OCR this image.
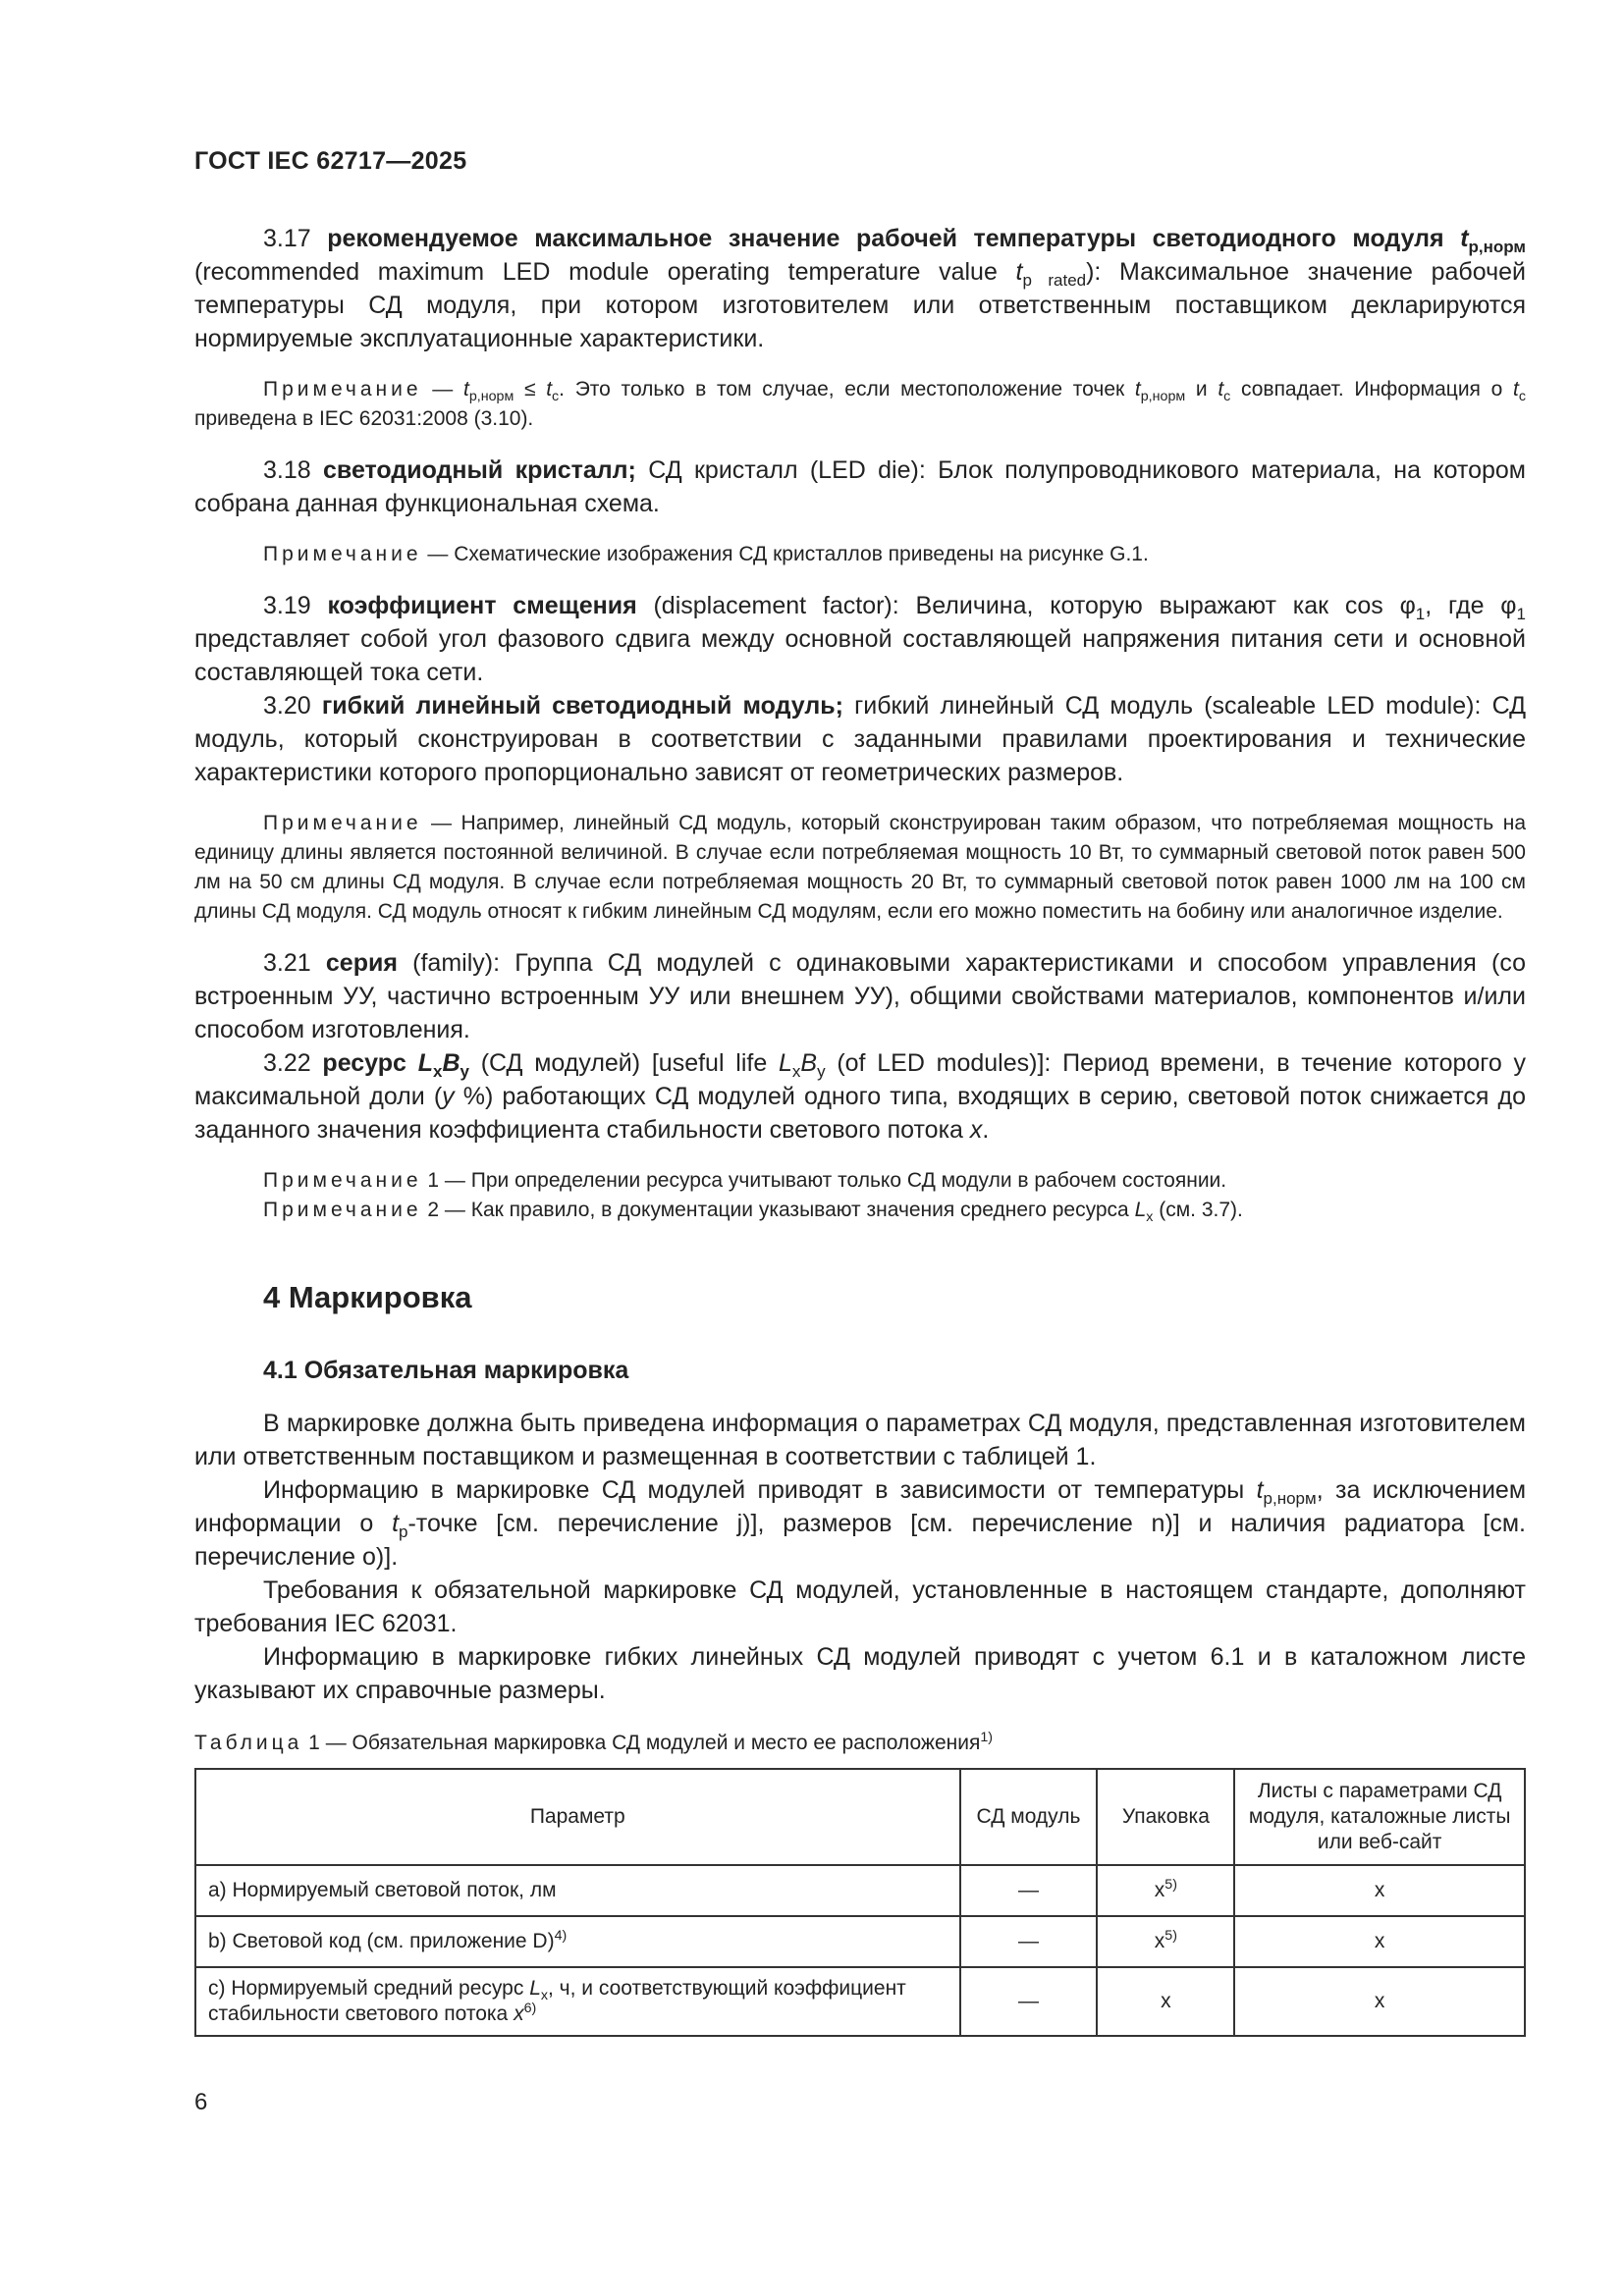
ГОСТ IEC 62717—2025

3.17 рекомендуемое максимальное значение рабочей температуры светодиодного модуля $t_{р,норм}$ (recommended maximum LED module operating temperature value $t_{p rated}$): Максимальное значение рабочей температуры СД модуля, при котором изготовителем или ответственным поставщиком декларируются нормируемые эксплуатационные характеристики.

Примечание — $t_{р,норм} \le t_c$. Это только в том случае, если местоположение точек $t_{р,норм}$ и $t_c$ совпадает. Информация о $t_c$ приведена в IEC 62031:2008 (3.10).

3.18 светодиодный кристалл; СД кристалл (LED die): Блок полупроводникового материала, на котором собрана данная функциональная схема.

Примечание — Схематические изображения СД кристаллов приведены на рисунке G.1.

3.19 коэффициент смещения (displacement factor): Величина, которую выражают как $\cos \varphi_1$, где $\varphi_1$ представляет собой угол фазового сдвига между основной составляющей напряжения питания сети и основной составляющей тока сети.

3.20 гибкий линейный светодиодный модуль; гибкий линейный СД модуль (scaleable LED module): СД модуль, который сконструирован в соответствии с заданными правилами проектирования и технические характеристики которого пропорционально зависят от геометрических размеров.

Примечание — Например, линейный СД модуль, который сконструирован таким образом, что потребляемая мощность на единицу длины является постоянной величиной. В случае если потребляемая мощность 10 Вт, то суммарный световой поток равен 500 лм на 50 см длины СД модуля. В случае если потребляемая мощность 20 Вт, то суммарный световой поток равен 1000 лм на 100 см длины СД модуля. СД модуль относят к гибким линейным СД модулям, если его можно поместить на бобину или аналогичное изделие.

3.21 серия (family): Группа СД модулей с одинаковыми характеристиками и способом управления (со встроенным УУ, частично встроенным УУ или внешнем УУ), общими свойствами материалов, компонентов и/или способом изготовления.

3.22 ресурс $L_xB_y$ (СД модулей) [useful life $L_xB_y$ (of LED modules)]: Период времени, в течение которого у максимальной доли (y %) работающих СД модулей одного типа, входящих в серию, световой поток снижается до заданного значения коэффициента стабильности светового потока x.

Примечание 1 — При определении ресурса учитывают только СД модули в рабочем состоянии.

Примечание 2 — Как правило, в документации указывают значения среднего ресурса $L_x$ (см. 3.7).

4 Маркировка

4.1 Обязательная маркировка

В маркировке должна быть приведена информация о параметрах СД модуля, представленная изготовителем или ответственным поставщиком и размещенная в соответствии с таблицей 1.

Информацию в маркировке СД модулей приводят в зависимости от температуры $t_{р,норм}$, за исключением информации о $t_р$-точке [см. перечисление j)], размеров [см. перечисление n)] и наличия радиатора [см. перечисление o)].

Требования к обязательной маркировке СД модулей, установленные в настоящем стандарте, дополняют требования IEC 62031.

Информацию в маркировке гибких линейных СД модулей приводят с учетом 6.1 и в каталожном листе указывают их справочные размеры.

Таблица 1 — Обязательная маркировка СД модулей и место ее расположения$^{1)}$

Параметр	СД модуль	Упаковка	Листы с параметрами СД модуля, каталожные листы или веб-сайт
a) Нормируемый световой поток, лм	—	$x^{5)}$	x
b) Световой код (см. приложение D)$^{4)}$	—	$x^{5)}$	x
c) Нормируемый средний ресурс $L_x$, ч, и соответствующий коэффициент стабильности светового потока $x^{6)}$	—	x	x
6
